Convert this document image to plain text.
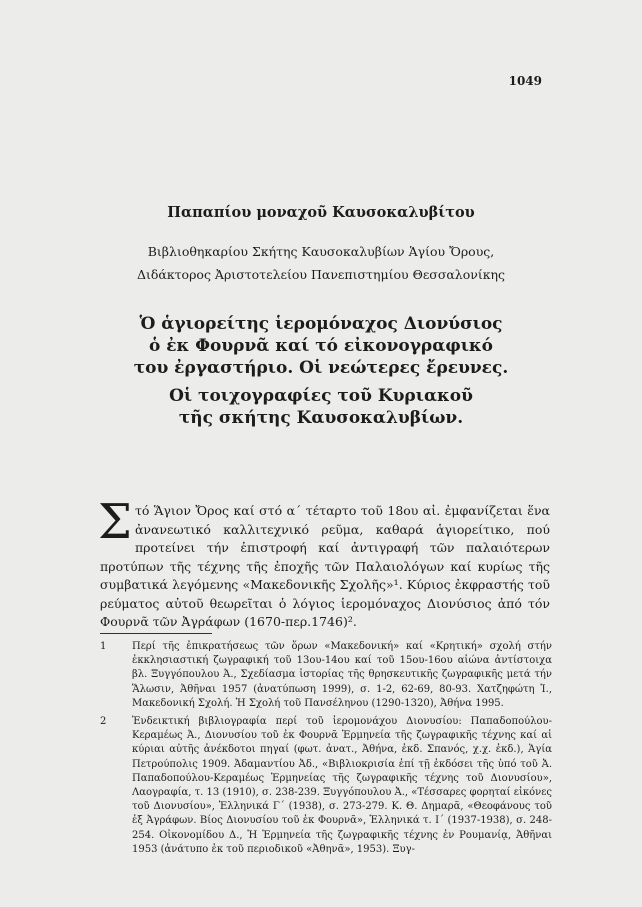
1049
Παπαπίου μοναχοῦ Καυσοκαλυβίτου
Βιβλιοθηκαρίου Σκήτης Καυσοκαλυβίων Ἁγίου Ὄρους,
Διδάκτορος Ἀριστοτελείου Πανεπιστημίου Θεσσαλονίκης
Ὁ ἁγιορείτης ἱερομόναχος Διονύσιος
ὁ ἐκ Φουρνᾶ καί τό εἰκονογραφικό
του ἐργαστήριο. Οἱ νεώτερες ἔρευνες.
Οἱ τοιχογραφίες τοῦ Κυριακοῦ
τῆς σκήτης Καυσοκαλυβίων.
Στό Ἅγιον Ὄρος καί στό α΄ τέταρτο τοῦ 18ου αἰ. ἐμφανίζεται ἕνα ἀνανεωτικό καλλιτεχνικό ρεῦμα, καθαρά ἁγιορείτικο, πού προτείνει τήν ἐπιστροφή καί ἀντιγραφή τῶν παλαιότερων προτύπων τῆς τέχνης τῆς ἐποχῆς τῶν Παλαιολόγων καί κυρίως τῆς συμβατικά λεγόμενης «Μακεδονικῆς Σχολῆς»¹. Κύριος ἐκφραστής τοῦ ρεύματος αὐτοῦ θεωρεῖται ὁ λόγιος ἱερομόναχος Διονύσιος ἀπό τόν Φουρνᾶ τῶν Ἀγράφων (1670-περ.1746)².
1	Περί τῆς ἐπικρατήσεως τῶν ὅρων «Μακεδονική» καί «Κρητική» σχολή στήν ἐκκλησιαστική ζωγραφική τοῦ 13ου-14ου καί τοῦ 15ου-16ου αἰώνα ἀντίστοιχα βλ. Ξυγγόπουλου Ἀ., Σχεδίασμα ἱστορίας τῆς θρησκευτικῆς ζωγραφικῆς μετά τήν Ἅλωσιν, Ἀθῆναι 1957 (ἀνατύπωση 1999), σ. 1-2, 62-69, 80-93. Χατζηφώτη Ἰ., Μακεδονική Σχολή. Ἡ Σχολή τοῦ Πανσέληνου (1290-1320), Ἀθήνα 1995.
2	Ἐνδεικτική βιβλιογραφία περί τοῦ ἱερομονάχου Διονυσίου: Παπαδοπούλου-Κεραμέως Ἀ., Διονυσίου τοῦ ἐκ Φουρνᾶ Ἑρμηνεία τῆς ζωγραφικῆς τέχνης καί αἱ κύριαι αὐτῆς ἀνέκδοτοι πηγαί (φωτ. ἀνατ., Ἀθήνα, ἐκδ. Σπανός, χ.χ. ἐκδ.), Ἁγία Πετρούπολις 1909. Ἀδαμαντίου Ἀδ., «Βιβλιοκρισία ἐπί τῇ ἐκδόσει τῆς ὑπό τοῦ Ἀ. Παπαδοπούλου-Κεραμέως Ἑρμηνείας τῆς ζωγραφικῆς τέχνης τοῦ Διονυσίου», Λαογραφία, τ. 13 (1910), σ. 238-239. Ξυγγόπουλου Ἀ., «Τέσσαρες φορηταί εἰκόνες τοῦ Διονυσίου», Ἑλληνικά Γ΄ (1938), σ. 273-279. Κ. Θ. Δημαρᾶ, «Θεοφάνους τοῦ ἐξ Ἀγράφων. Βίος Διονυσίου τοῦ ἐκ Φουρνᾶ», Ἑλληνικά τ. Ι΄ (1937-1938), σ. 248-254. Οἰκονομίδου Δ., Ἡ Ἑρμηνεία τῆς ζωγραφικῆς τέχνης ἐν Ρουμανίᾳ, Ἀθῆναι 1953 (ἀνάτυπο ἐκ τοῦ περιοδικοῦ «Ἀθηνᾶ», 1953). Ξυγ-
